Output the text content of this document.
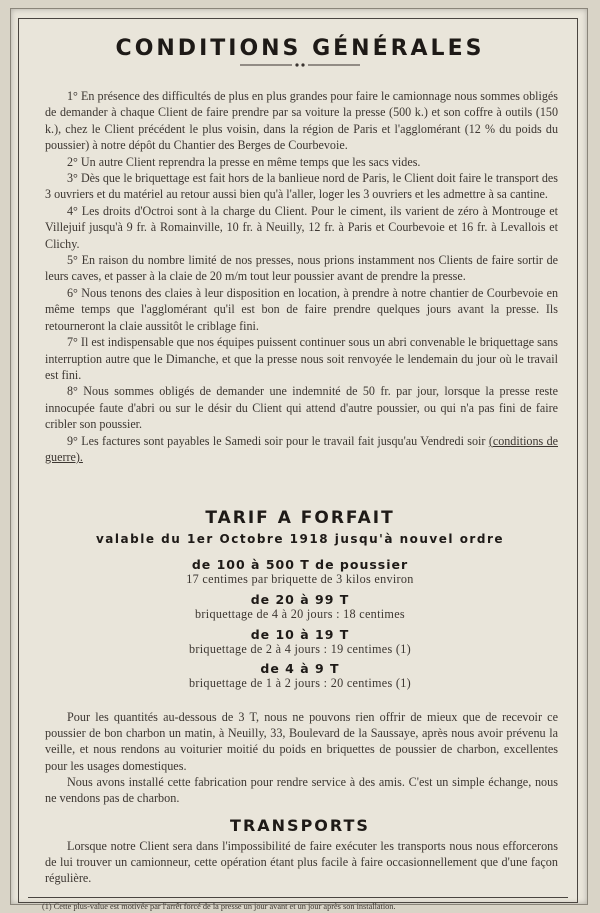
CONDITIONS GÉNÉRALES

1° En présence des difficultés de plus en plus grandes pour faire le camionnage nous sommes obligés de demander à chaque Client de faire prendre par sa voiture la presse (500 k.) et son coffre à outils (150 k.), chez le Client précédent le plus voisin, dans la région de Paris et l'agglomérant (12 % du poids du poussier) à notre dépôt du Chantier des Berges de Courbevoie.

2° Un autre Client reprendra la presse en même temps que les sacs vides.

3° Dès que le briquettage est fait hors de la banlieue nord de Paris, le Client doit faire le transport des 3 ouvriers et du matériel au retour aussi bien qu'à l'aller, loger les 3 ouvriers et les admettre à sa cantine.

4° Les droits d'Octroi sont à la charge du Client. Pour le ciment, ils varient de zéro à Montrouge et Villejuif jusqu'à 9 fr. à Romainville, 10 fr. à Neuilly, 12 fr. à Paris et Courbevoie et 16 fr. à Levallois et Clichy.

5° En raison du nombre limité de nos presses, nous prions instamment nos Clients de faire sortir de leurs caves, et passer à la claie de 20 m/m tout leur poussier avant de prendre la presse.

6° Nous tenons des claies à leur disposition en location, à prendre à notre chantier de Courbevoie en même temps que l'agglomérant qu'il est bon de faire prendre quelques jours avant la presse. Ils retourneront la claie aussitôt le criblage fini.

7° Il est indispensable que nos équipes puissent continuer sous un abri convenable le briquettage sans interruption autre que le Dimanche, et que la presse nous soit renvoyée le lendemain du jour où le travail est fini.

8° Nous sommes obligés de demander une indemnité de 50 fr. par jour, lorsque la presse reste innocupée faute d'abri ou sur le désir du Client qui attend d'autre poussier, ou qui n'a pas fini de faire cribler son poussier.

9° Les factures sont payables le Samedi soir pour le travail fait jusqu'au Vendredi soir (conditions de guerre).

TARIF A FORFAIT
valable du 1er Octobre 1918 jusqu'à nouvel ordre
de 100 à 500 T de poussier
17 centimes par briquette de 3 kilos environ
de 20 à 99 T
briquettage de 4 à 20 jours : 18 centimes
de 10 à 19 T
briquettage de 2 à 4 jours : 19 centimes (1)
de 4 à 9 T
briquettage de 1 à 2 jours : 20 centimes (1)

Pour les quantités au-dessous de 3 T, nous ne pouvons rien offrir de mieux que de recevoir ce poussier de bon charbon un matin, à Neuilly, 33, Boulevard de la Saussaye, après nous avoir prévenu la veille, et nous rendons au voiturier moitié du poids en briquettes de poussier de charbon, excellentes pour les usages domestiques.

Nous avons installé cette fabrication pour rendre service à des amis. C'est un simple échange, nous ne vendons pas de charbon.

TRANSPORTS

Lorsque notre Client sera dans l'impossibilité de faire exécuter les transports nous nous efforcerons de lui trouver un camionneur, cette opération étant plus facile à faire occasionnellement que d'une façon régulière.

(1) Cette plus-value est motivée par l'arrêt forcé de la presse un jour avant et un jour après son installation.
